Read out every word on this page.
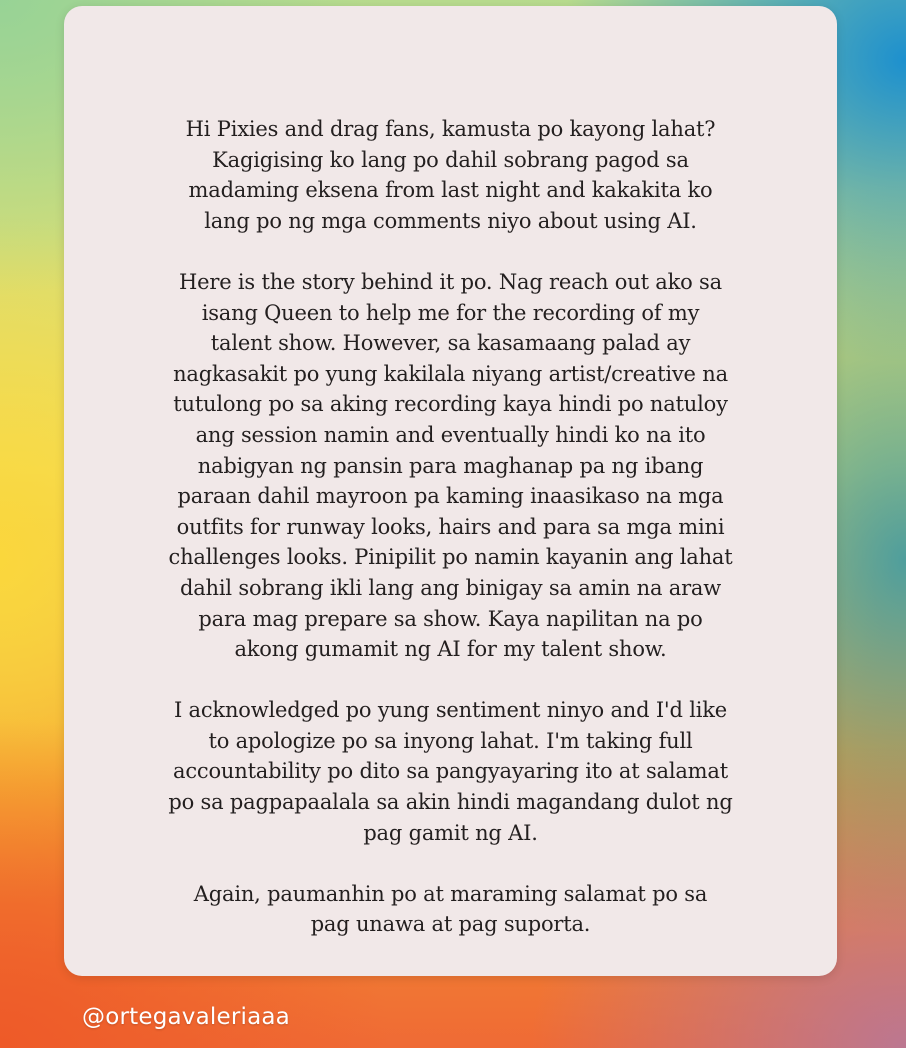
Hi Pixies and drag fans, kamusta po kayong lahat?
Kagigising ko lang po dahil sobrang pagod sa
madaming eksena from last night and kakakita ko
lang po ng mga comments niyo about using AI.

Here is the story behind it po. Nag reach out ako sa
isang Queen to help me for the recording of my
talent show. However, sa kasamaang palad ay
nagkasakit po yung kakilala niyang artist/creative na
tutulong po sa aking recording kaya hindi po natuloy
ang session namin and eventually hindi ko na ito
nabigyan ng pansin para maghanap pa ng ibang
paraan dahil mayroon pa kaming inaasikaso na mga
outfits for runway looks, hairs and para sa mga mini
challenges looks. Pinipilit po namin kayanin ang lahat
dahil sobrang ikli lang ang binigay sa amin na araw
para mag prepare sa show. Kaya napilitan na po
akong gumamit ng AI for my talent show.

I acknowledged po yung sentiment ninyo and I'd like
to apologize po sa inyong lahat. I'm taking full
accountability po dito sa pangyayaring ito at salamat
po sa pagpapaalala sa akin hindi magandang dulot ng
pag gamit ng AI.

Again, paumanhin po at maraming salamat po sa
pag unawa at pag suporta.

@ortegavaleriaaa
